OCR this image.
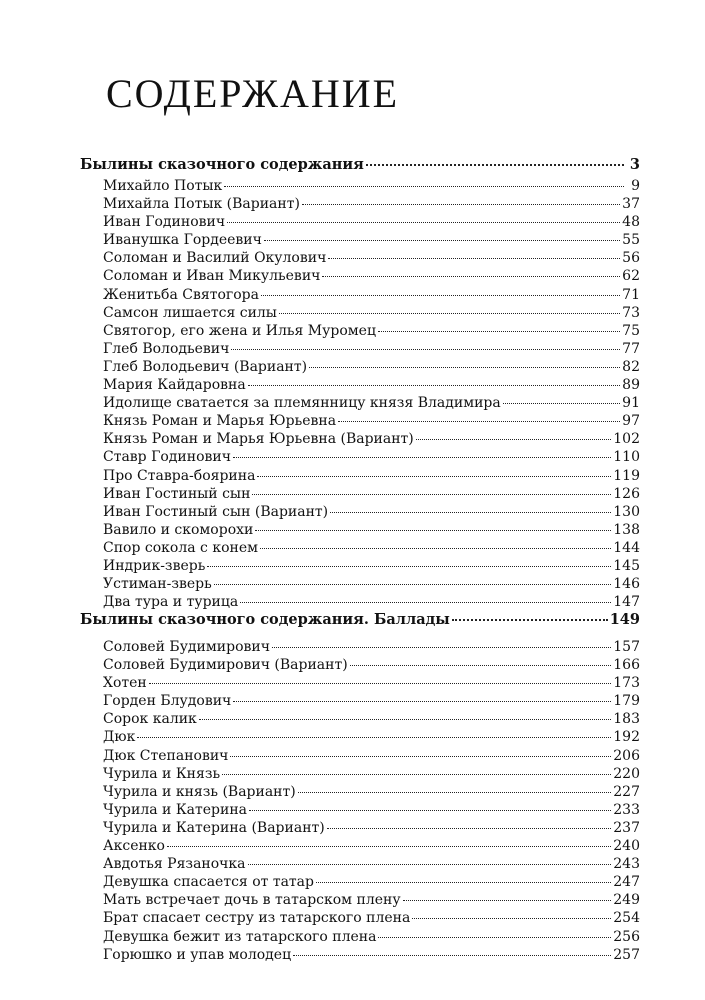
СОДЕРЖАНИЕ
Былины сказочного содержания	3
Михайло Потык	9
Михайла Потык (Вариант)	37
Иван Годинович	48
Иванушка Гордеевич	55
Соломан и Василий Окулович	56
Соломан и Иван Микульевич	62
Женитьба Святогора	71
Самсон лишается силы	73
Святогор, его жена и Илья Муромец	75
Глеб Володьевич	77
Глеб Володьевич (Вариант)	82
Мария Кайдаровна	89
Идолище сватается за племянницу князя Владимира	91
Князь Роман и Марья Юрьевна	97
Князь Роман и Марья Юрьевна (Вариант)	102
Ставр Годинович	110
Про Ставра-боярина	119
Иван Гостиный сын	126
Иван Гостиный сын (Вариант)	130
Вавило и скоморохи	138
Спор сокола с конем	144
Индрик-зверь	145
Устиман-зверь	146
Два тура и турица	147
Былины сказочного содержания. Баллады	149
Соловей Будимирович	157
Соловей Будимирович (Вариант)	166
Хотен	173
Горден Блудович	179
Сорок калик	183
Дюк	192
Дюк Степанович	206
Чурила и Князь	220
Чурила и князь (Вариант)	227
Чурила и Катерина	233
Чурила и Катерина (Вариант)	237
Аксенко	240
Авдотья Рязаночка	243
Девушка спасается от татар	247
Мать встречает дочь в татарском плену	249
Брат спасает сестру из татарского плена	254
Девушка бежит из татарского плена	256
Горюшко и упав молодец	257
